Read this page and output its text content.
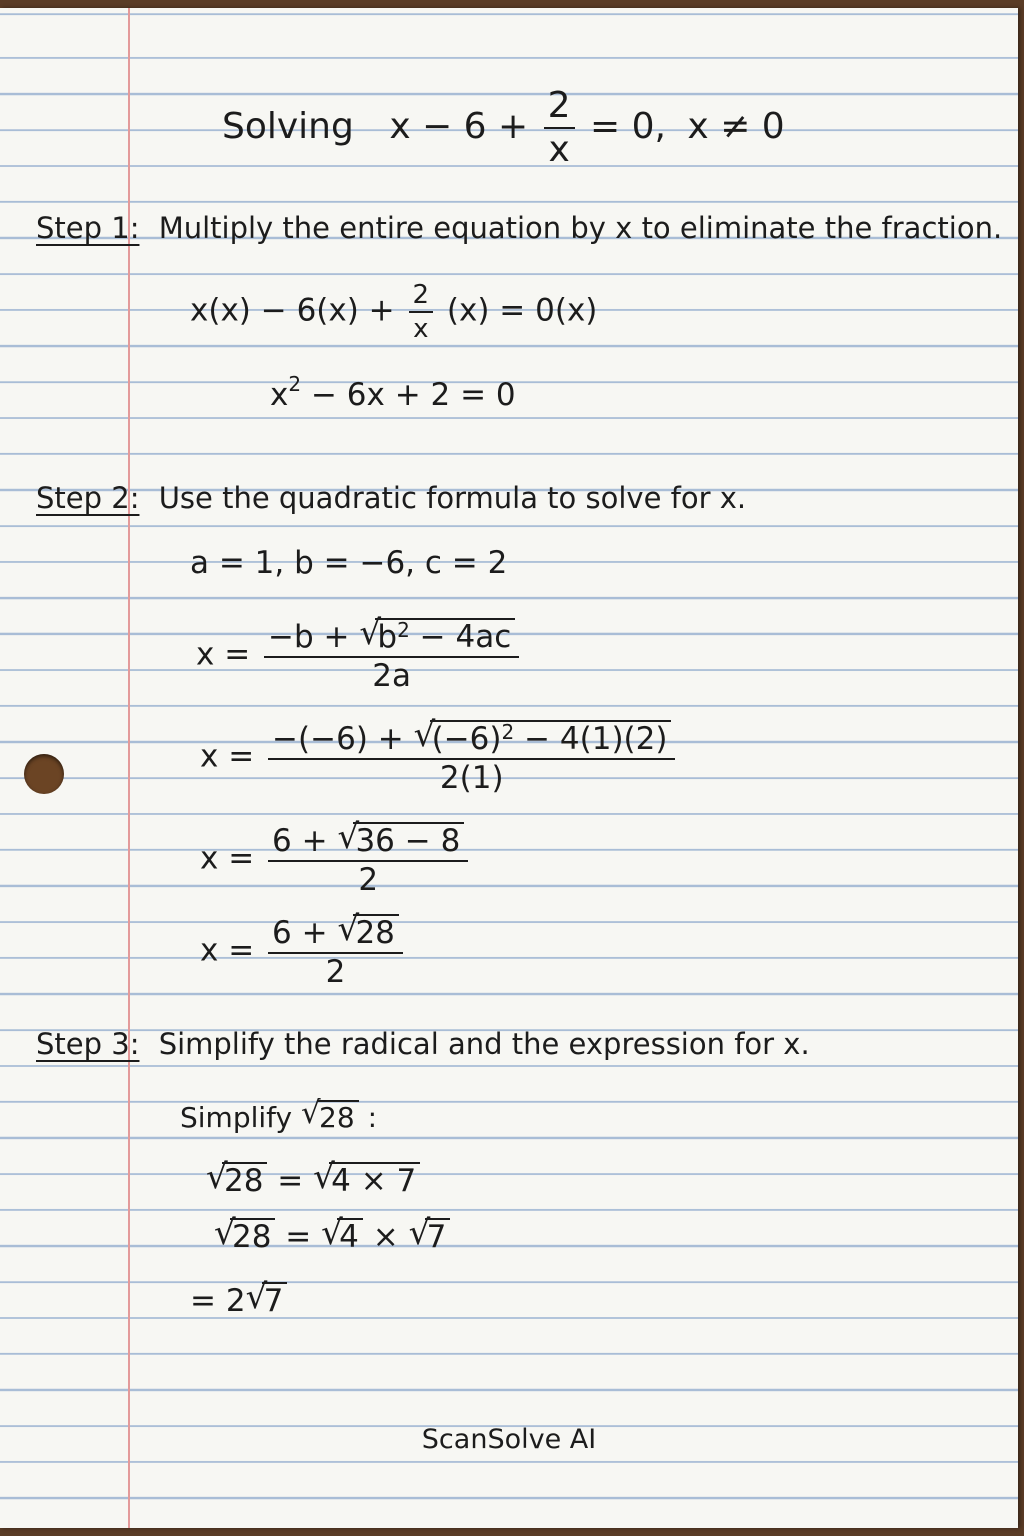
Solving $x - 6 + \frac{2}{x} = 0$, x ≠ 0
Step 1: Multiply the entire equation by x to eliminate the fraction.
$x(x) - 6(x) + \frac{2}{x} (x) = 0(x)$
$x^2 - 6x + 2 = 0$
Step 2: Use the quadratic formula to solve for x.
a = 1, b = −6, c = 2
$x = \frac{-b + √ b^2 - 4ac}{2a}$
$x = \frac{-(-6) + √ (-6)^2 - 4(1)(2)}{2(1)}$
$x = \frac{6 + √ 36 - 8}{2}$
$x = \frac{6 + √ 28}{2}$
Step 3: Simplify the radical and the expression for x.
Simplify √ 28 :
√ 28 = √ 4 × 7
√ 28 = √ 4 × √ 7
= 2 √ 7
ScanSolve AI
